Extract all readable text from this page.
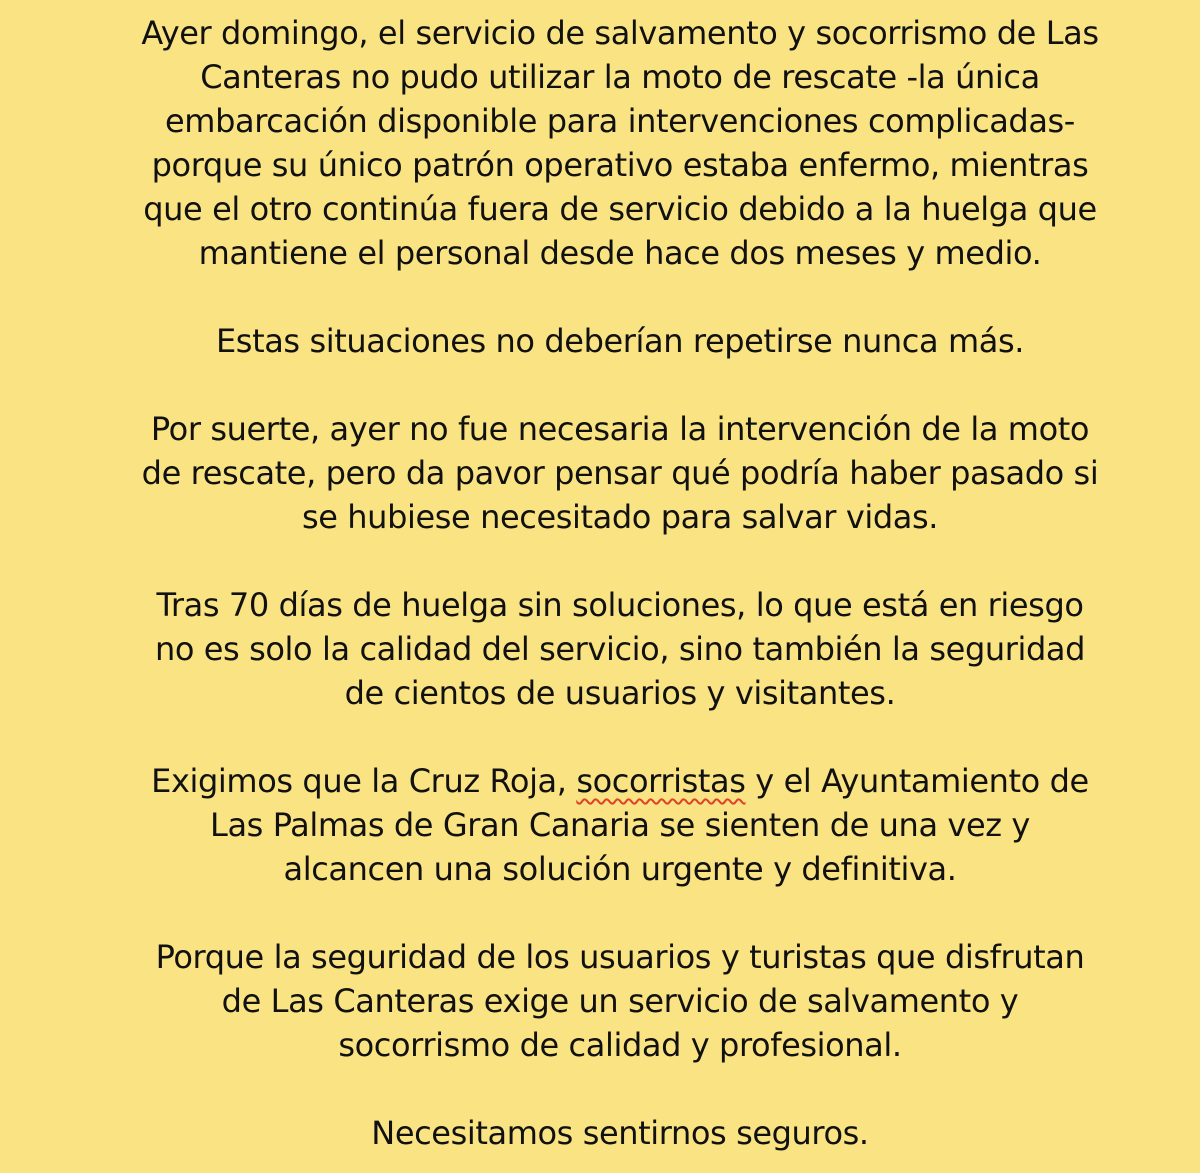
Ayer domingo, el servicio de salvamento y socorrismo de Las
Canteras no pudo utilizar la moto de rescate -la única
embarcación disponible para intervenciones complicadas-
porque su único patrón operativo estaba enfermo, mientras
que el otro continúa fuera de servicio debido a la huelga que
mantiene el personal desde hace dos meses y medio.

Estas situaciones no deberían repetirse nunca más.

Por suerte, ayer no fue necesaria la intervención de la moto
de rescate, pero da pavor pensar qué podría haber pasado si
se hubiese necesitado para salvar vidas.

Tras 70 días de huelga sin soluciones, lo que está en riesgo
no es solo la calidad del servicio, sino también la seguridad
de cientos de usuarios y visitantes.

Exigimos que la Cruz Roja, socorristas y el Ayuntamiento de
Las Palmas de Gran Canaria se sienten de una vez y
alcancen una solución urgente y definitiva.

Porque la seguridad de los usuarios y turistas que disfrutan
de Las Canteras exige un servicio de salvamento y
socorrismo de calidad y profesional.

Necesitamos sentirnos seguros.
